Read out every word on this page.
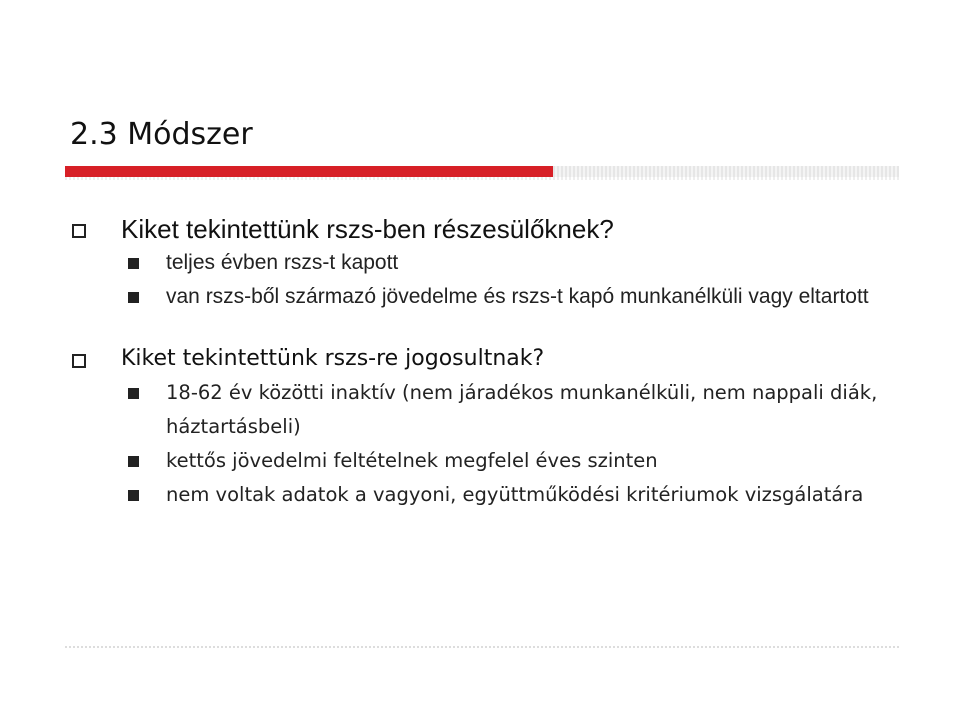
2.3 Módszer

Kiket tekintettünk rszs-ben részesülőknek?

teljes évben rszs-t kapott

van rszs-ből származó jövedelme és rszs-t kapó munkanélküli vagy eltartott

Kiket tekintettünk rszs-re jogosultnak?

18-62 év közötti inaktív (nem járadékos munkanélküli, nem nappali diák, háztartásbeli)

kettős jövedelmi feltételnek megfelel éves szinten

nem voltak adatok a vagyoni, együttműködési kritériumok vizsgálatára
